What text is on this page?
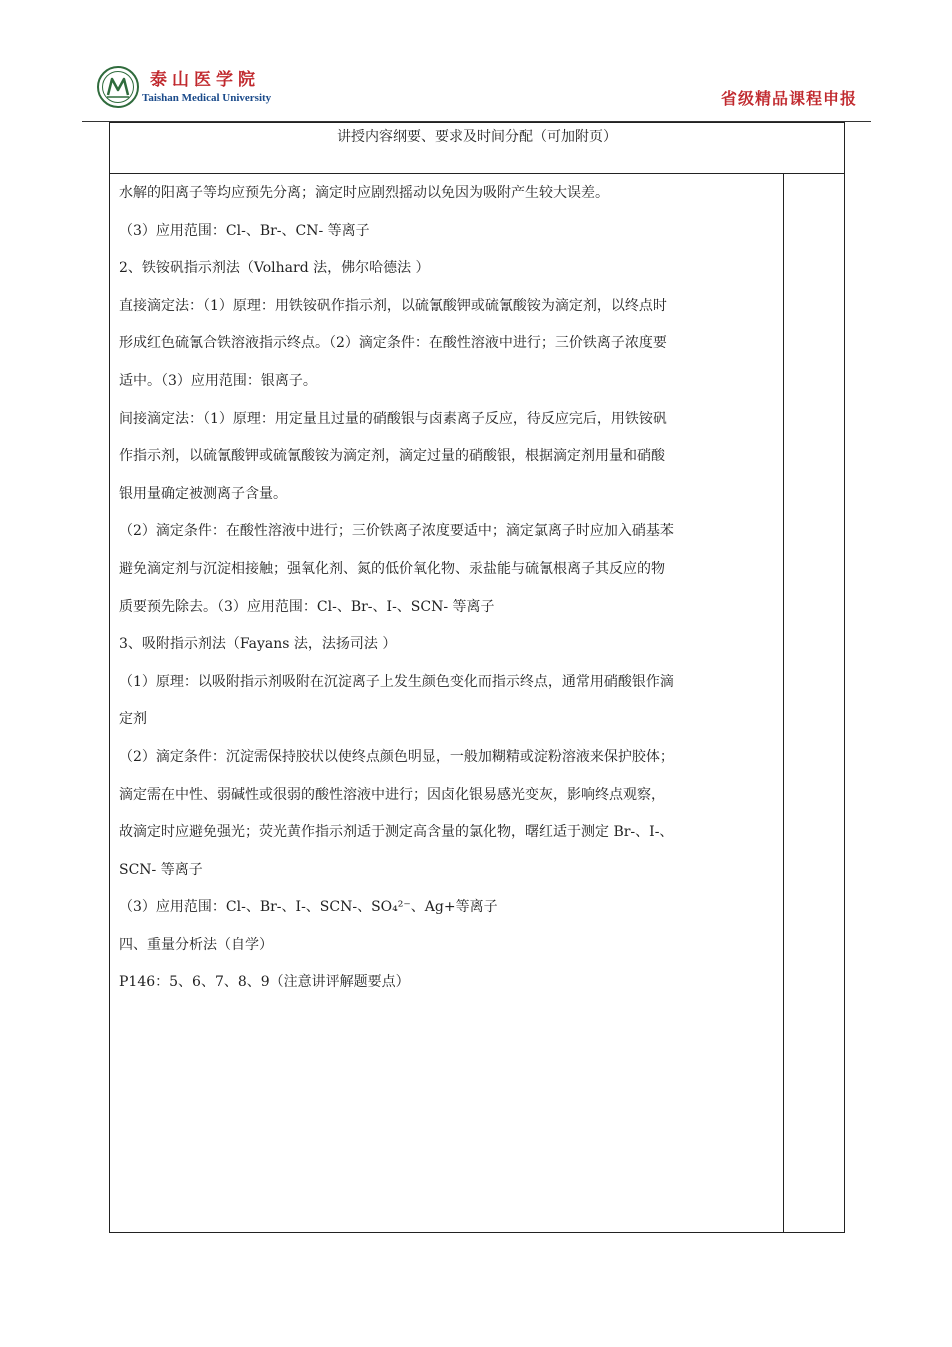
泰山医学院
Taishan Medical University	省级精品课程申报
讲授内容纲要、要求及时间分配（可加附页）

水解的阳离子等均应预先分离；滴定时应剧烈摇动以免因为吸附产生较大误差。

（3）应用范围：Cl-、Br-、CN- 等离子

2、铁铵矾指示剂法（Volhard 法，佛尔哈德法 ）

直接滴定法：（1）原理：用铁铵矾作指示剂，以硫氰酸钾或硫氰酸铵为滴定剂，以终点时

形成红色硫氰合铁溶液指示终点。（2）滴定条件：在酸性溶液中进行；三价铁离子浓度要

适中。（3）应用范围：银离子。

间接滴定法：（1）原理：用定量且过量的硝酸银与卤素离子反应，待反应完后，用铁铵矾

作指示剂，以硫氰酸钾或硫氰酸铵为滴定剂，滴定过量的硝酸银，根据滴定剂用量和硝酸

银用量确定被测离子含量。

（2）滴定条件：在酸性溶液中进行；三价铁离子浓度要适中；滴定氯离子时应加入硝基苯

避免滴定剂与沉淀相接触；强氧化剂、氮的低价氧化物、汞盐能与硫氰根离子其反应的物

质要预先除去。（3）应用范围：Cl-、Br-、I-、SCN- 等离子

3、吸附指示剂法（Fayans 法，法扬司法 ）

（1）原理：以吸附指示剂吸附在沉淀离子上发生颜色变化而指示终点，通常用硝酸银作滴

定剂

（2）滴定条件：沉淀需保持胶状以使终点颜色明显，一般加糊精或淀粉溶液来保护胶体；

滴定需在中性、弱碱性或很弱的酸性溶液中进行；因卤化银易感光变灰，影响终点观察，

故滴定时应避免强光；荧光黄作指示剂适于测定高含量的氯化物，曙红适于测定 Br-、I-、

SCN- 等离子

（3）应用范围：Cl-、Br-、I-、SCN-、SO₄²⁻、Ag+等离子

四、重量分析法（自学）

P146：5、6、7、8、9（注意讲评解题要点）
